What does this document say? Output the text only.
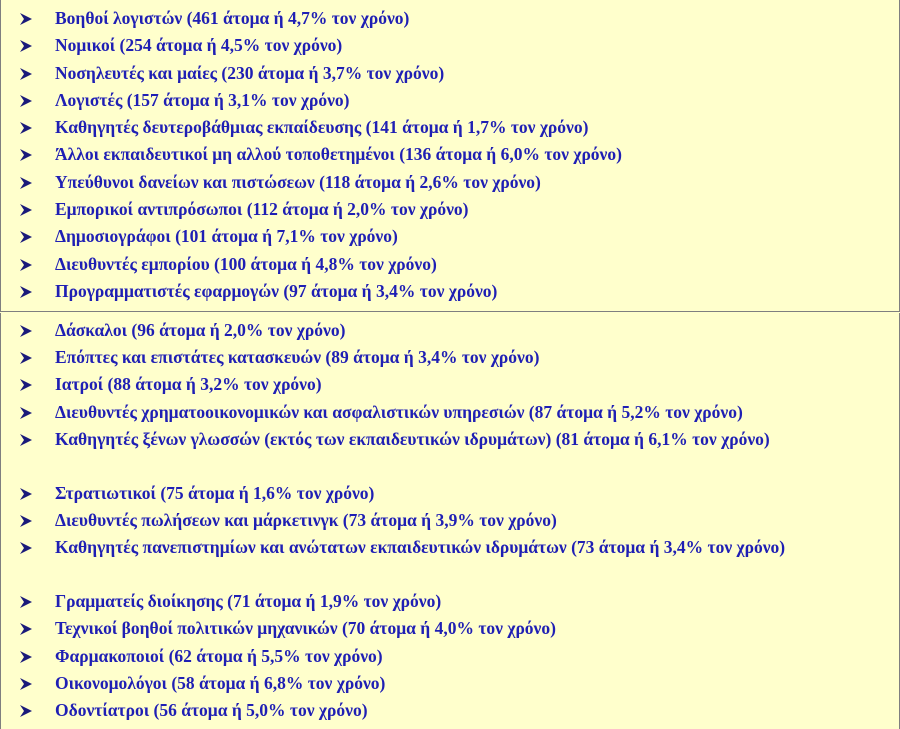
Βοηθοί λογιστών (461 άτομα ή 4,7% τον χρόνο)
Νομικοί (254 άτομα ή 4,5% τον χρόνο)
Νοσηλευτές και μαίες (230 άτομα ή 3,7% τον χρόνο)
Λογιστές (157 άτομα ή 3,1% τον χρόνο)
Καθηγητές δευτεροβάθμιας εκπαίδευσης (141 άτομα ή 1,7% τον χρόνο)
Άλλοι εκπαιδευτικοί μη αλλού τοποθετημένοι (136 άτομα ή 6,0% τον χρόνο)
Υπεύθυνοι δανείων και πιστώσεων (118 άτομα ή 2,6% τον χρόνο)
Εμπορικοί αντιπρόσωποι (112 άτομα ή 2,0% τον χρόνο)
Δημοσιογράφοι (101 άτομα ή 7,1% τον χρόνο)
Διευθυντές εμπορίου (100 άτομα ή 4,8% τον χρόνο)
Προγραμματιστές εφαρμογών (97 άτομα ή 3,4% τον χρόνο)
Δάσκαλοι (96 άτομα ή 2,0% τον χρόνο)
Επόπτες και επιστάτες κατασκευών (89 άτομα ή 3,4% τον χρόνο)
Ιατροί (88 άτομα ή 3,2% τον χρόνο)
Διευθυντές χρηματοοικονομικών και ασφαλιστικών υπηρεσιών (87 άτομα ή 5,2% τον χρόνο)
Καθηγητές ξένων γλωσσών (εκτός των εκπαιδευτικών ιδρυμάτων) (81 άτομα ή 6,1% τον χρόνο)
Στρατιωτικοί (75 άτομα ή 1,6% τον χρόνο)
Διευθυντές πωλήσεων και μάρκετινγκ (73 άτομα ή 3,9% τον χρόνο)
Καθηγητές πανεπιστημίων και ανώτατων εκπαιδευτικών ιδρυμάτων (73 άτομα ή 3,4% τον χρόνο)
Γραμματείς διοίκησης (71 άτομα ή 1,9% τον χρόνο)
Τεχνικοί βοηθοί πολιτικών μηχανικών (70 άτομα ή 4,0% τον χρόνο)
Φαρμακοποιοί (62 άτομα ή 5,5% τον χρόνο)
Οικονομολόγοι (58 άτομα ή 6,8% τον χρόνο)
Οδοντίατροι (56 άτομα ή 5,0% τον χρόνο)
